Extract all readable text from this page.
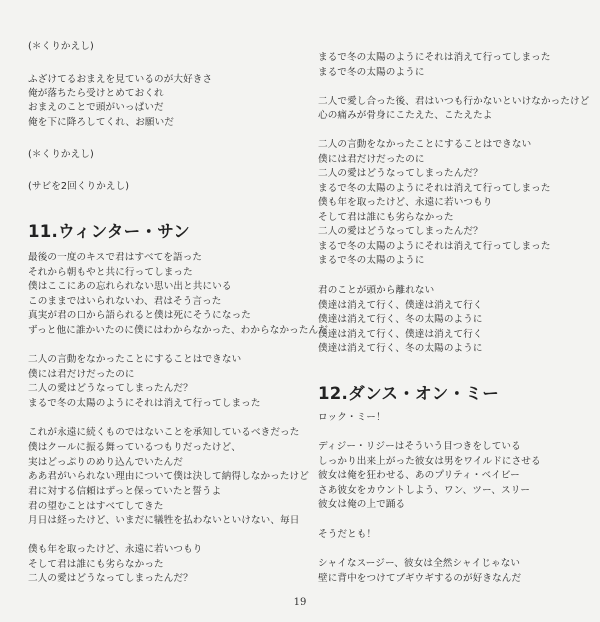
(＊くりかえし)
ふざけてるおまえを見ているのが大好きさ
俺が落ちたら受けとめておくれ
おまえのことで頭がいっぱいだ
俺を下に降ろしてくれ、お願いだ
(＊くりかえし)
(サビを2回くりかえし)
11.ウィンター・サン
最後の一度のキスで君はすべてを語った
それから朝もやと共に行ってしまった
僕はここにあの忘れられない思い出と共にいる
このままではいられないわ、君はそう言った
真実が君の口から語られると僕は死にそうになった
ずっと他に誰かいたのに僕にはわからなかった、わからなかったんだ
二人の言動をなかったことにすることはできない
僕には君だけだったのに
二人の愛はどうなってしまったんだ？
まるで冬の太陽のようにそれは消えて行ってしまった
これが永遠に続くものではないことを承知しているべきだった
僕はクールに振る舞っているつもりだったけど、
実はどっぷりのめり込んでいたんだ
ああ君がいられない理由について僕は決して納得しなかったけど
君に対する信頼はずっと保っていたと誓うよ
君の望むことはすべてしてきた
月日は経ったけど、いまだに犠牲を払わないといけない、毎日
僕も年を取ったけど、永遠に若いつもり
そして君は誰にも劣らなかった
二人の愛はどうなってしまったんだ？
まるで冬の太陽のようにそれは消えて行ってしまった
まるで冬の太陽のように
二人で愛し合った後、君はいつも行かないといけなかったけど
心の痛みが骨身にこたえた、こたえたよ
二人の言動をなかったことにすることはできない
僕には君だけだったのに
二人の愛はどうなってしまったんだ？
まるで冬の太陽のようにそれは消えて行ってしまった
僕も年を取ったけど、永遠に若いつもり
そして君は誰にも劣らなかった
二人の愛はどうなってしまったんだ？
まるで冬の太陽のようにそれは消えて行ってしまった
まるで冬の太陽のように
君のことが頭から離れない
僕達は消えて行く、僕達は消えて行く
僕達は消えて行く、冬の太陽のように
僕達は消えて行く、僕達は消えて行く
僕達は消えて行く、冬の太陽のように
12.ダンス・オン・ミー
ロック・ミー！
ディジー・リジーはそういう目つきをしている
しっかり出来上がった彼女は男をワイルドにさせる
彼女は俺を狂わせる、あのプリティ・ベイビー
さあ彼女をカウントしよう、ワン、ツー、スリー
彼女は俺の上で踊る
そうだとも！
シャイなスージー、彼女は全然シャイじゃない
壁に背中をつけてブギウギするのが好きなんだ
19
